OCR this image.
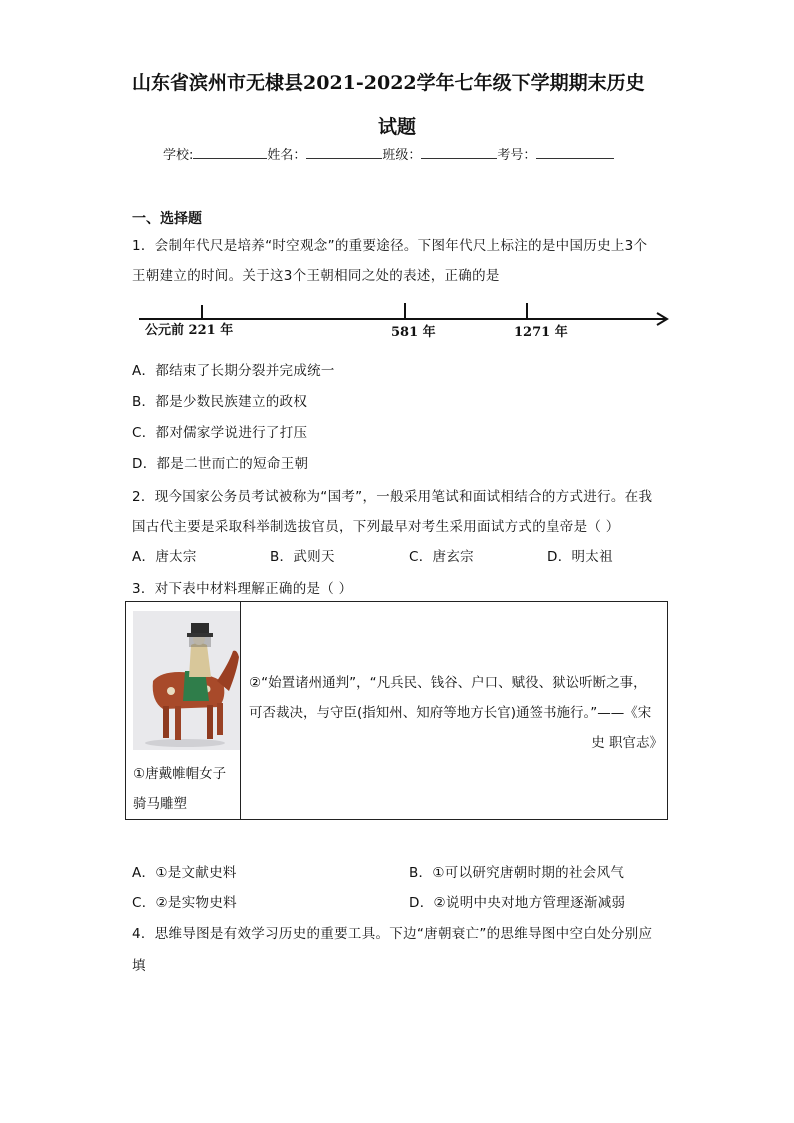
山东省滨州市无棣县2021-2022学年七年级下学期期末历史
试题
学校:	姓名：	班级：	考号：
一、选择题
1．会制年代尺是培养“时空观念”的重要途径。下图年代尺上标注的是中国历史上3个
王朝建立的时间。关于这3个王朝相同之处的表述，正确的是
公元前 221 年	581 年	1271 年
A．都结束了长期分裂并完成统一
B．都是少数民族建立的政权
C．都对儒家学说进行了打压
D．都是二世而亡的短命王朝
2．现今国家公务员考试被称为“国考”，一般采用笔试和面试相结合的方式进行。在我
国古代主要是采取科举制选拔官员，下列最早对考生采用面试方式的皇帝是（ ）
A．唐太宗	B．武则天	C．唐玄宗	D．明太祖
3．对下表中材料理解正确的是（ ）
①唐戴帷帽女子骑马雕塑

②“始置诸州通判”，“凡兵民、钱谷、户口、赋役、狱讼听断之事，
可否裁决，与守臣(指知州、知府等地方长官)通签书施行。”——《宋
史 职官志》
A．①是文献史料	B．①可以研究唐朝时期的社会风气
C．②是实物史料	D．②说明中央对地方管理逐渐减弱
4．思维导图是有效学习历史的重要工具。下边“唐朝衰亡”的思维导图中空白处分别应
填
